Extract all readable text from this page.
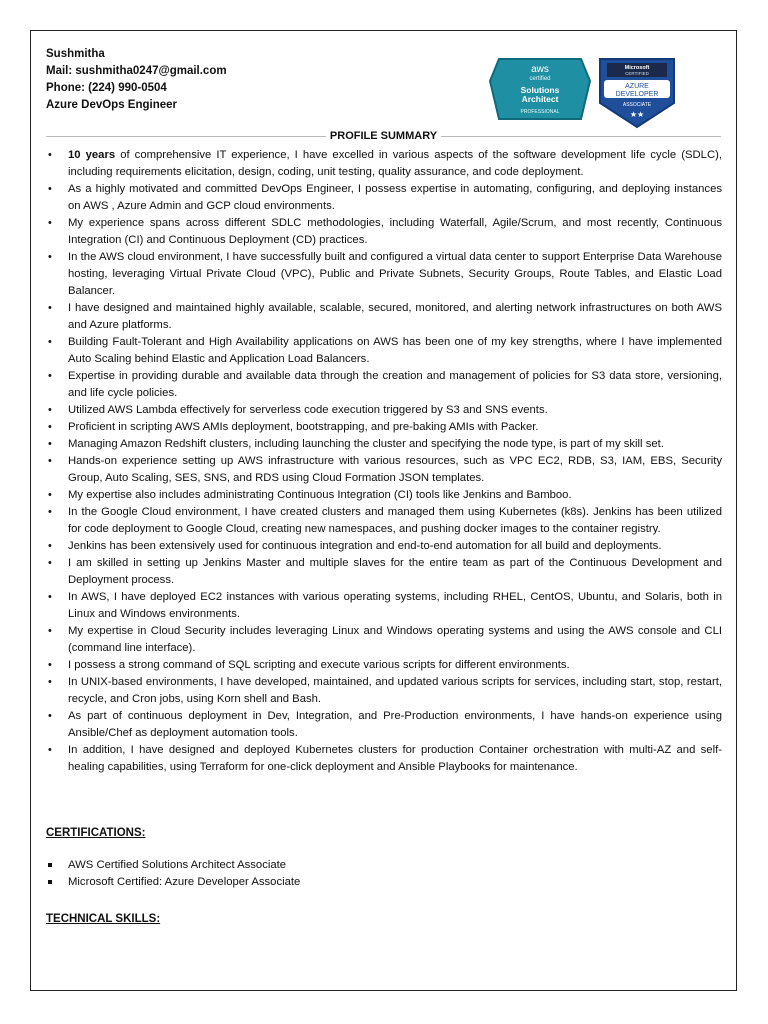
Sushmitha
Mail: sushmitha0247@gmail.com
Phone: (224) 990-0504
Azure DevOps Engineer
aws
certified
Solutions
Architect
PROFESSIONAL
Microsoft
CERTIFIED
AZURE
DEVELOPER
ASSOCIATE
★★
PROFILE SUMMARY
• 10 years of comprehensive IT experience, I have excelled in various aspects of the software development life cycle (SDLC), including requirements elicitation, design, coding, unit testing, quality assurance, and code deployment.
• As a highly motivated and committed DevOps Engineer, I possess expertise in automating, configuring, and deploying instances on AWS , Azure Admin and GCP cloud environments.
• My experience spans across different SDLC methodologies, including Waterfall, Agile/Scrum, and most recently, Continuous Integration (CI) and Continuous Deployment (CD) practices.
• In the AWS cloud environment, I have successfully built and configured a virtual data center to support Enterprise Data Warehouse hosting, leveraging Virtual Private Cloud (VPC), Public and Private Subnets, Security Groups, Route Tables, and Elastic Load Balancer.
• I have designed and maintained highly available, scalable, secured, monitored, and alerting network infrastructures on both AWS and Azure platforms.
• Building Fault-Tolerant and High Availability applications on AWS has been one of my key strengths, where I have implemented Auto Scaling behind Elastic and Application Load Balancers.
• Expertise in providing durable and available data through the creation and management of policies for S3 data store, versioning, and life cycle policies.
• Utilized AWS Lambda effectively for serverless code execution triggered by S3 and SNS events.
• Proficient in scripting AWS AMIs deployment, bootstrapping, and pre-baking AMIs with Packer.
• Managing Amazon Redshift clusters, including launching the cluster and specifying the node type, is part of my skill set.
• Hands-on experience setting up AWS infrastructure with various resources, such as VPC EC2, RDB, S3, IAM, EBS, Security Group, Auto Scaling, SES, SNS, and RDS using Cloud Formation JSON templates.
• My expertise also includes administrating Continuous Integration (CI) tools like Jenkins and Bamboo.
• In the Google Cloud environment, I have created clusters and managed them using Kubernetes (k8s). Jenkins has been utilized for code deployment to Google Cloud, creating new namespaces, and pushing docker images to the container registry.
• Jenkins has been extensively used for continuous integration and end-to-end automation for all build and deployments.
• I am skilled in setting up Jenkins Master and multiple slaves for the entire team as part of the Continuous Development and Deployment process.
• In AWS, I have deployed EC2 instances with various operating systems, including RHEL, CentOS, Ubuntu, and Solaris, both in Linux and Windows environments.
• My expertise in Cloud Security includes leveraging Linux and Windows operating systems and using the AWS console and CLI (command line interface).
• I possess a strong command of SQL scripting and execute various scripts for different environments.
• In UNIX-based environments, I have developed, maintained, and updated various scripts for services, including start, stop, restart, recycle, and Cron jobs, using Korn shell and Bash.
• As part of continuous deployment in Dev, Integration, and Pre-Production environments, I have hands-on experience using Ansible/Chef as deployment automation tools.
• In addition, I have designed and deployed Kubernetes clusters for production Container orchestration with multi-AZ and self-healing capabilities, using Terraform for one-click deployment and Ansible Playbooks for maintenance.
CERTIFICATIONS:
AWS Certified Solutions Architect Associate
Microsoft Certified: Azure Developer Associate
TECHNICAL SKILLS:
